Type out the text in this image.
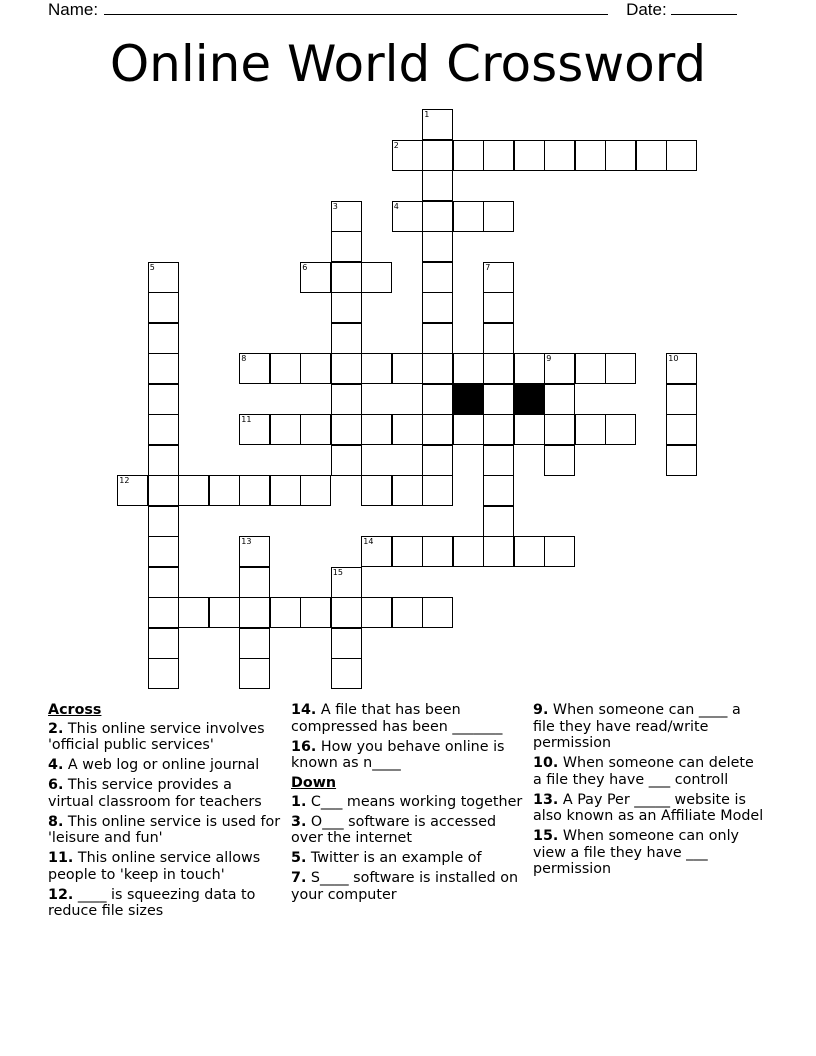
Name:	Date:
Online World Crossword
1
2
3	4
5	6	7
8	9	10
11
12
14
13
15
Across
2. This online service involves 'official public services'
4. A web log or online journal
6. This service provides a virtual classroom for teachers
8. This online service is used for 'leisure and fun'
11. This online service allows people to 'keep in touch'
12. ____ is squeezing data to reduce file sizes
14. A file that has been compressed has been _______
16. How you behave online is known as n____
Down
1. C___ means working together
3. O___ software is accessed over the internet
5. Twitter is an example of
7. S____ software is installed on your computer
9. When someone can ____ a file they have read/write permission
10. When someone can delete a file they have ___ controll
13. A Pay Per _____ website is also known as an Affiliate Model
15. When someone can only view a file they have ___ permission
